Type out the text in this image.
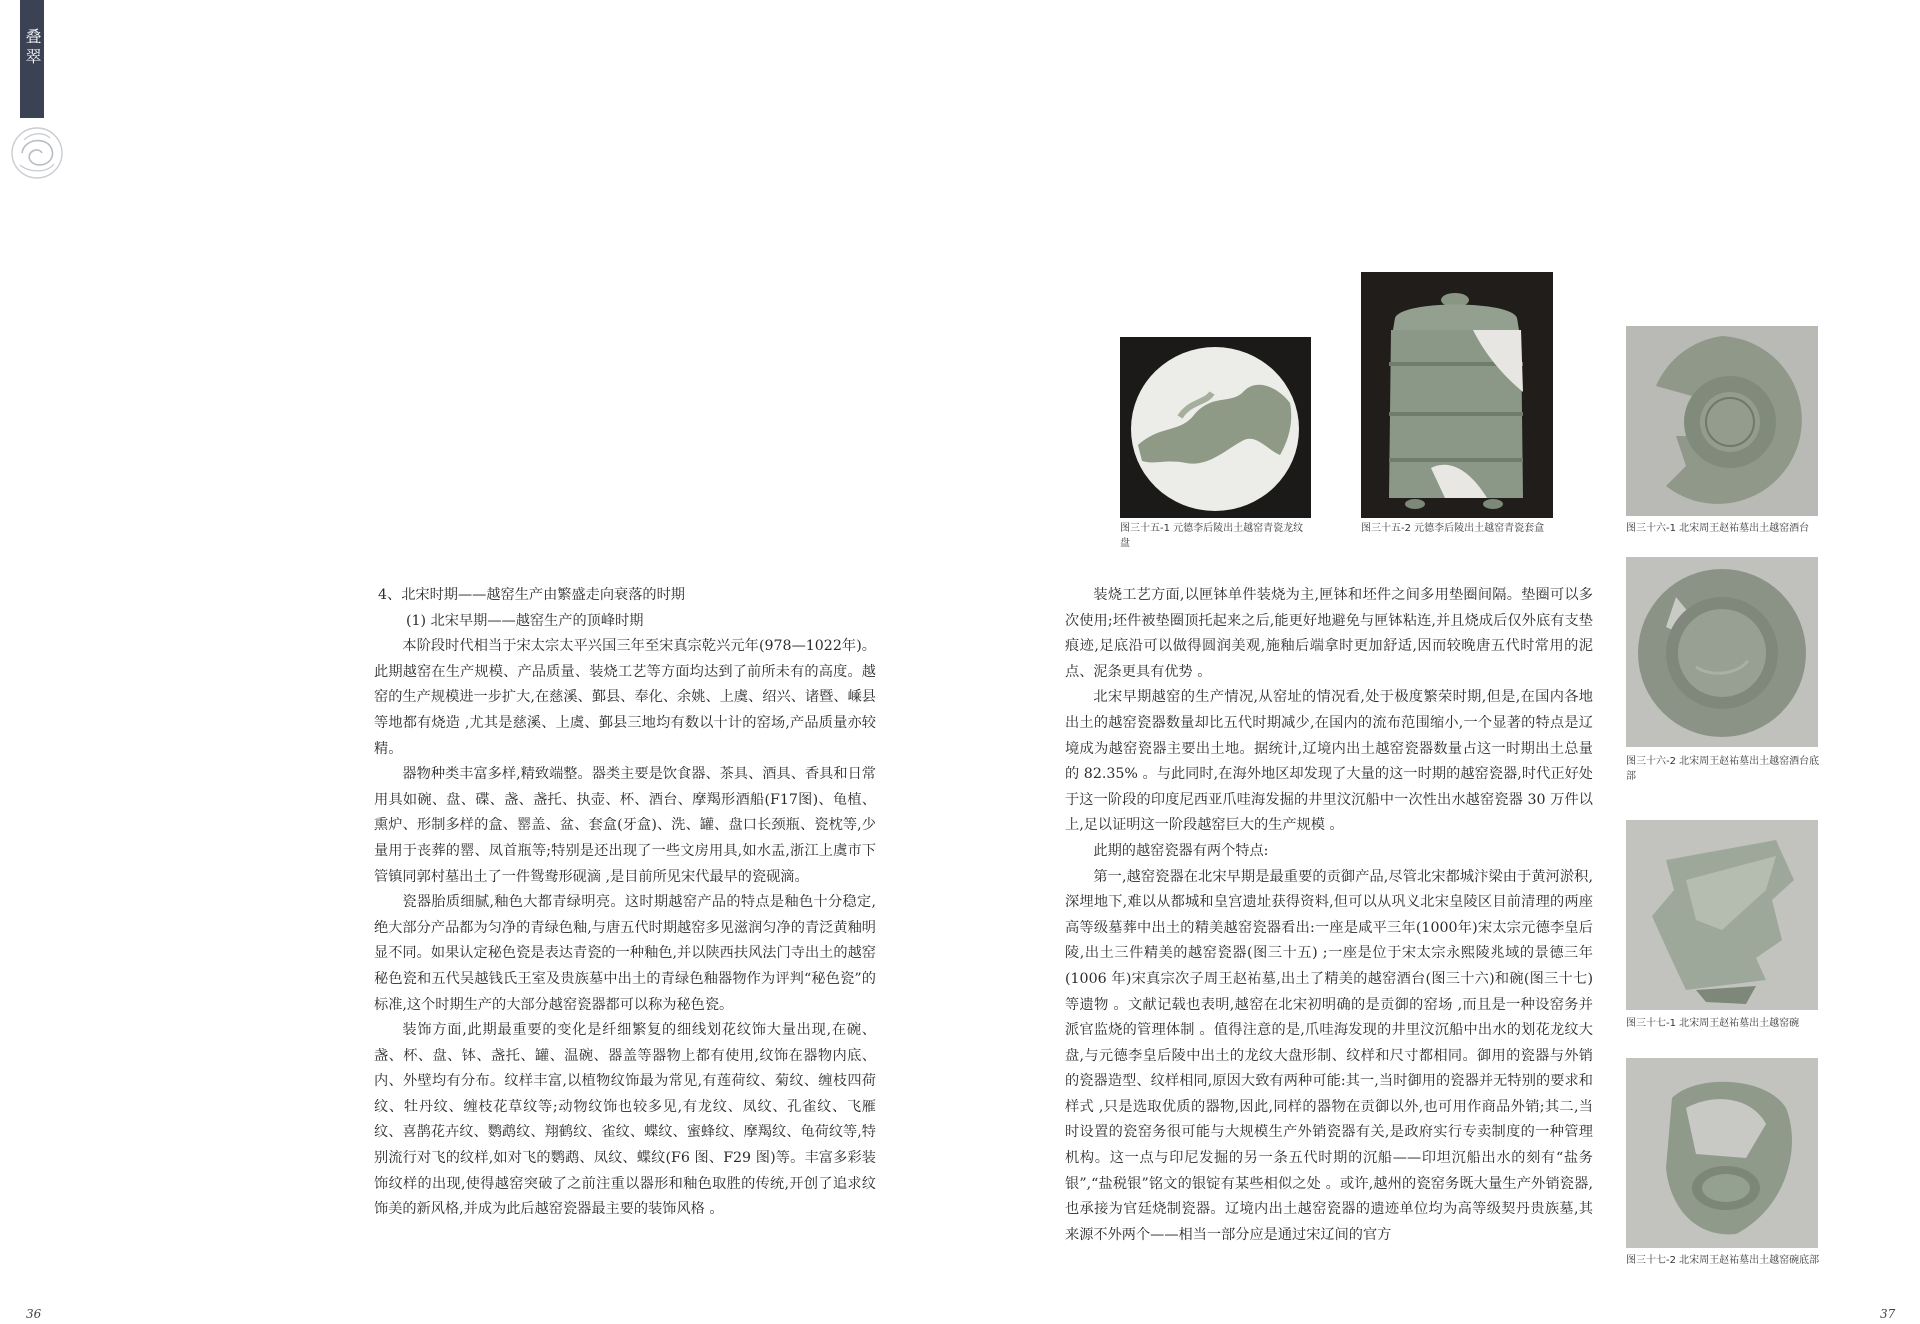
叠翠

4、北宋时期——越窑生产由繁盛走向衰落的时期

(1) 北宋早期——越窑生产的顶峰时期

本阶段时代相当于宋太宗太平兴国三年至宋真宗乾兴元年(978—1022年)。此期越窑在生产规模、产品质量、装烧工艺等方面均达到了前所未有的高度。越窑的生产规模进一步扩大,在慈溪、鄞县、奉化、余姚、上虞、绍兴、诸暨、嵊县等地都有烧造 ,尤其是慈溪、上虞、鄞县三地均有数以十计的窑场,产品质量亦较精。

器物种类丰富多样,精致端整。器类主要是饮食器、茶具、酒具、香具和日常用具如碗、盘、碟、盏、盏托、执壶、杯、酒台、摩羯形酒船(F17图)、龟植、熏炉、形制多样的盒、罂盖、盆、套盒(牙盒)、洗、罐、盘口长颈瓶、瓷枕等,少量用于丧葬的罂、凤首瓶等;特别是还出现了一些文房用具,如水盂,浙江上虞市下管镇同郭村墓出土了一件鸳鸯形砚滴 ,是目前所见宋代最早的瓷砚滴。

瓷器胎质细腻,釉色大都青绿明亮。这时期越窑产品的特点是釉色十分稳定,绝大部分产品都为匀净的青绿色釉,与唐五代时期越窑多见滋润匀净的青泛黄釉明显不同。如果认定秘色瓷是表达青瓷的一种釉色,并以陕西扶风法门寺出土的越窑秘色瓷和五代吴越钱氏王室及贵族墓中出土的青绿色釉器物作为评判“秘色瓷”的标准,这个时期生产的大部分越窑瓷器都可以称为秘色瓷。

装饰方面,此期最重要的变化是纤细繁复的细线划花纹饰大量出现,在碗、盏、杯、盘、钵、盏托、罐、温碗、器盖等器物上都有使用,纹饰在器物内底、内、外壁均有分布。纹样丰富,以植物纹饰最为常见,有莲荷纹、菊纹、缠枝四荷纹、牡丹纹、缠枝花草纹等;动物纹饰也较多见,有龙纹、凤纹、孔雀纹、飞雁纹、喜鹊花卉纹、鹦鹉纹、翔鹤纹、雀纹、蝶纹、蜜蜂纹、摩羯纹、龟荷纹等,特别流行对飞的纹样,如对飞的鹦鹉、凤纹、蝶纹(F6 图、F29 图)等。丰富多彩装饰纹样的出现,使得越窑突破了之前注重以器形和釉色取胜的传统,开创了追求纹饰美的新风格,并成为此后越窑瓷器最主要的装饰风格 。

装烧工艺方面,以匣钵单件装烧为主,匣钵和坯件之间多用垫圈间隔。垫圈可以多次使用;坯件被垫圈顶托起来之后,能更好地避免与匣钵粘连,并且烧成后仅外底有支垫痕迹,足底沿可以做得圆润美观,施釉后端拿时更加舒适,因而较晚唐五代时常用的泥点、泥条更具有优势 。

北宋早期越窑的生产情况,从窑址的情况看,处于极度繁荣时期,但是,在国内各地出土的越窑瓷器数量却比五代时期减少,在国内的流布范围缩小,一个显著的特点是辽境成为越窑瓷器主要出土地。据统计,辽境内出土越窑瓷器数量占这一时期出土总量的 82.35% 。与此同时,在海外地区却发现了大量的这一时期的越窑瓷器,时代正好处于这一阶段的印度尼西亚爪哇海发掘的井里汶沉船中一次性出水越窑瓷器 30 万件以上,足以证明这一阶段越窑巨大的生产规模 。

此期的越窑瓷器有两个特点:

第一,越窑瓷器在北宋早期是最重要的贡御产品,尽管北宋都城汴梁由于黄河淤积,深埋地下,难以从都城和皇宫遗址获得资料,但可以从巩义北宋皇陵区目前清理的两座高等级墓葬中出土的精美越窑瓷器看出:一座是咸平三年(1000年)宋太宗元德李皇后陵,出土三件精美的越窑瓷器(图三十五) ;一座是位于宋太宗永熙陵兆域的景德三年(1006 年)宋真宗次子周王赵祐墓,出土了精美的越窑酒台(图三十六)和碗(图三十七)等遗物 。文献记载也表明,越窑在北宋初明确的是贡御的窑场 ,而且是一种设窑务并派官监烧的管理体制 。值得注意的是,爪哇海发现的井里汶沉船中出水的划花龙纹大盘,与元德李皇后陵中出土的龙纹大盘形制、纹样和尺寸都相同。御用的瓷器与外销的瓷器造型、纹样相同,原因大致有两种可能:其一,当时御用的瓷器并无特别的要求和样式 ,只是选取优质的器物,因此,同样的器物在贡御以外,也可用作商品外销;其二,当时设置的瓷窑务很可能与大规模生产外销瓷器有关,是政府实行专卖制度的一种管理机构。这一点与印尼发掘的另一条五代时期的沉船——印坦沉船出水的刻有“盐务银”,“盐税银”铭文的银锭有某些相似之处 。或许,越州的瓷窑务既大量生产外销瓷器,也承接为官廷烧制瓷器。辽境内出土越窑瓷器的遗迹单位均为高等级契丹贵族墓,其来源不外两个——相当一部分应是通过宋辽间的官方

图三十五-1 元德李后陵出土越窑青瓷龙纹盘
图三十五-2 元德李后陵出土越窑青瓷套盒	图三十六-1 北宋周王赵祐墓出土越窑酒台
图三十六-2 北宋周王赵祐墓出土越窑酒台底部
图三十七-1 北宋周王赵祐墓出土越窑碗
图三十七-2 北宋周王赵祐墓出土越窑碗底部
36	37
